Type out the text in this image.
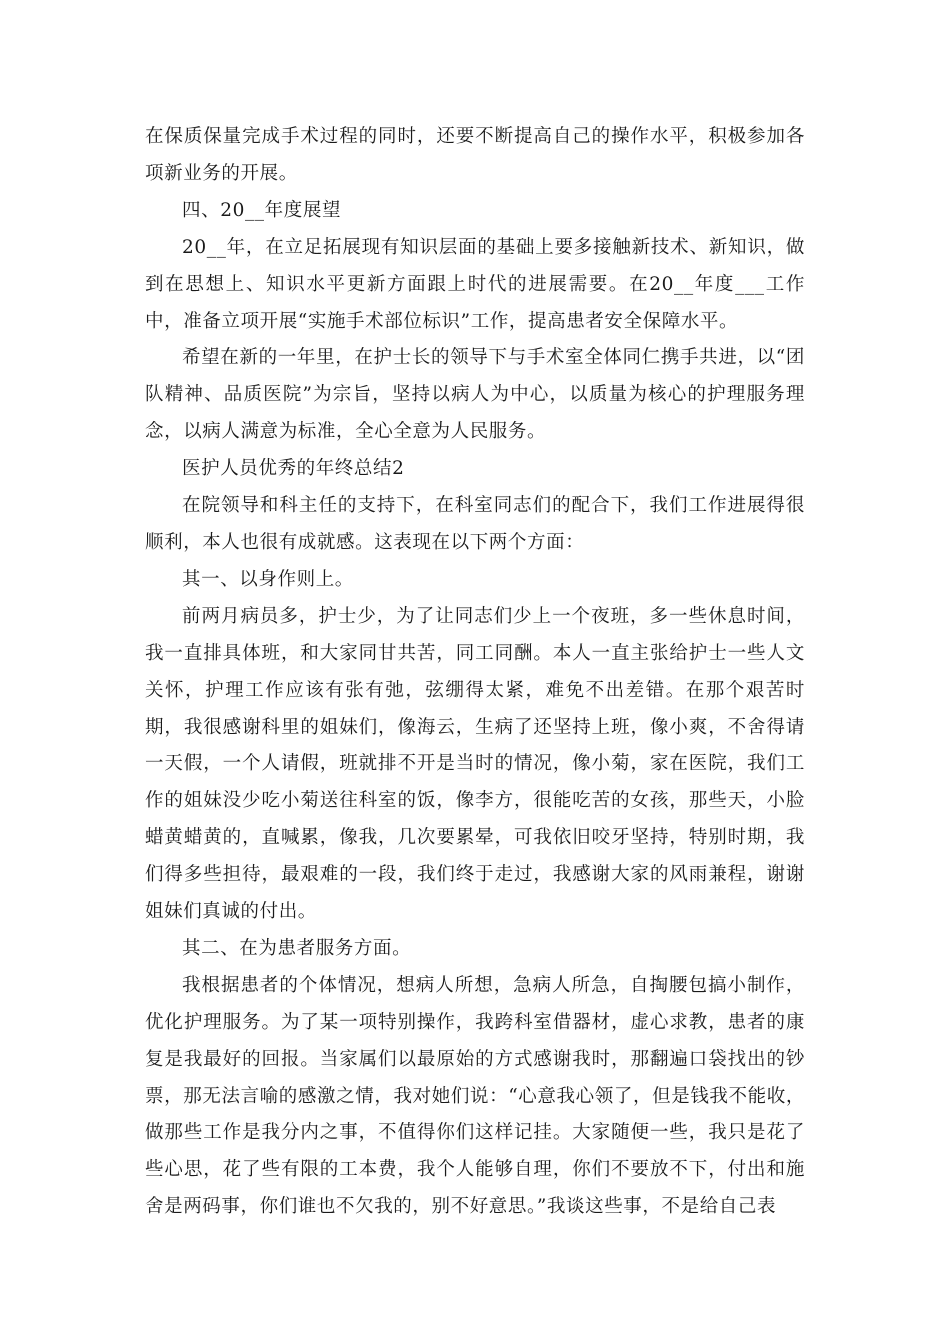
在保质保量完成手术过程的同时，还要不断提高自己的操作水平，积极参加各项新业务的开展。

四、20__年度展望

20__年，在立足拓展现有知识层面的基础上要多接触新技术、新知识，做到在思想上、知识水平更新方面跟上时代的进展需要。在20__年度___工作中，准备立项开展“实施手术部位标识”工作，提高患者安全保障水平。

希望在新的一年里，在护士长的领导下与手术室全体同仁携手共进，以“团队精神、品质医院”为宗旨，坚持以病人为中心，以质量为核心的护理服务理念，以病人满意为标准，全心全意为人民服务。

医护人员优秀的年终总结2

在院领导和科主任的支持下，在科室同志们的配合下，我们工作进展得很顺利，本人也很有成就感。这表现在以下两个方面：

其一、以身作则上。

前两月病员多，护士少，为了让同志们少上一个夜班，多一些休息时间，我一直排具体班，和大家同甘共苦，同工同酬。本人一直主张给护士一些人文关怀，护理工作应该有张有弛，弦绷得太紧，难免不出差错。在那个艰苦时期，我很感谢科里的姐妹们，像海云，生病了还坚持上班，像小爽，不舍得请一天假，一个人请假，班就排不开是当时的情况，像小菊，家在医院，我们工作的姐妹没少吃小菊送往科室的饭，像李方，很能吃苦的女孩，那些天，小脸蜡黄蜡黄的，直喊累，像我，几次要累晕，可我依旧咬牙坚持，特别时期，我们得多些担待，最艰难的一段，我们终于走过，我感谢大家的风雨兼程，谢谢姐妹们真诚的付出。

其二、在为患者服务方面。

我根据患者的个体情况，想病人所想，急病人所急，自掏腰包搞小制作，优化护理服务。为了某一项特别操作，我跨科室借器材，虚心求教，患者的康复是我最好的回报。当家属们以最原始的方式感谢我时，那翻遍口袋找出的钞票，那无法言喻的感激之情，我对她们说：“心意我心领了，但是钱我不能收，做那些工作是我分内之事，不值得你们这样记挂。大家随便一些，我只是花了些心思，花了些有限的工本费，我个人能够自理，你们不要放不下，付出和施舍是两码事，你们谁也不欠我的，别不好意思。”我谈这些事，不是给自己表
